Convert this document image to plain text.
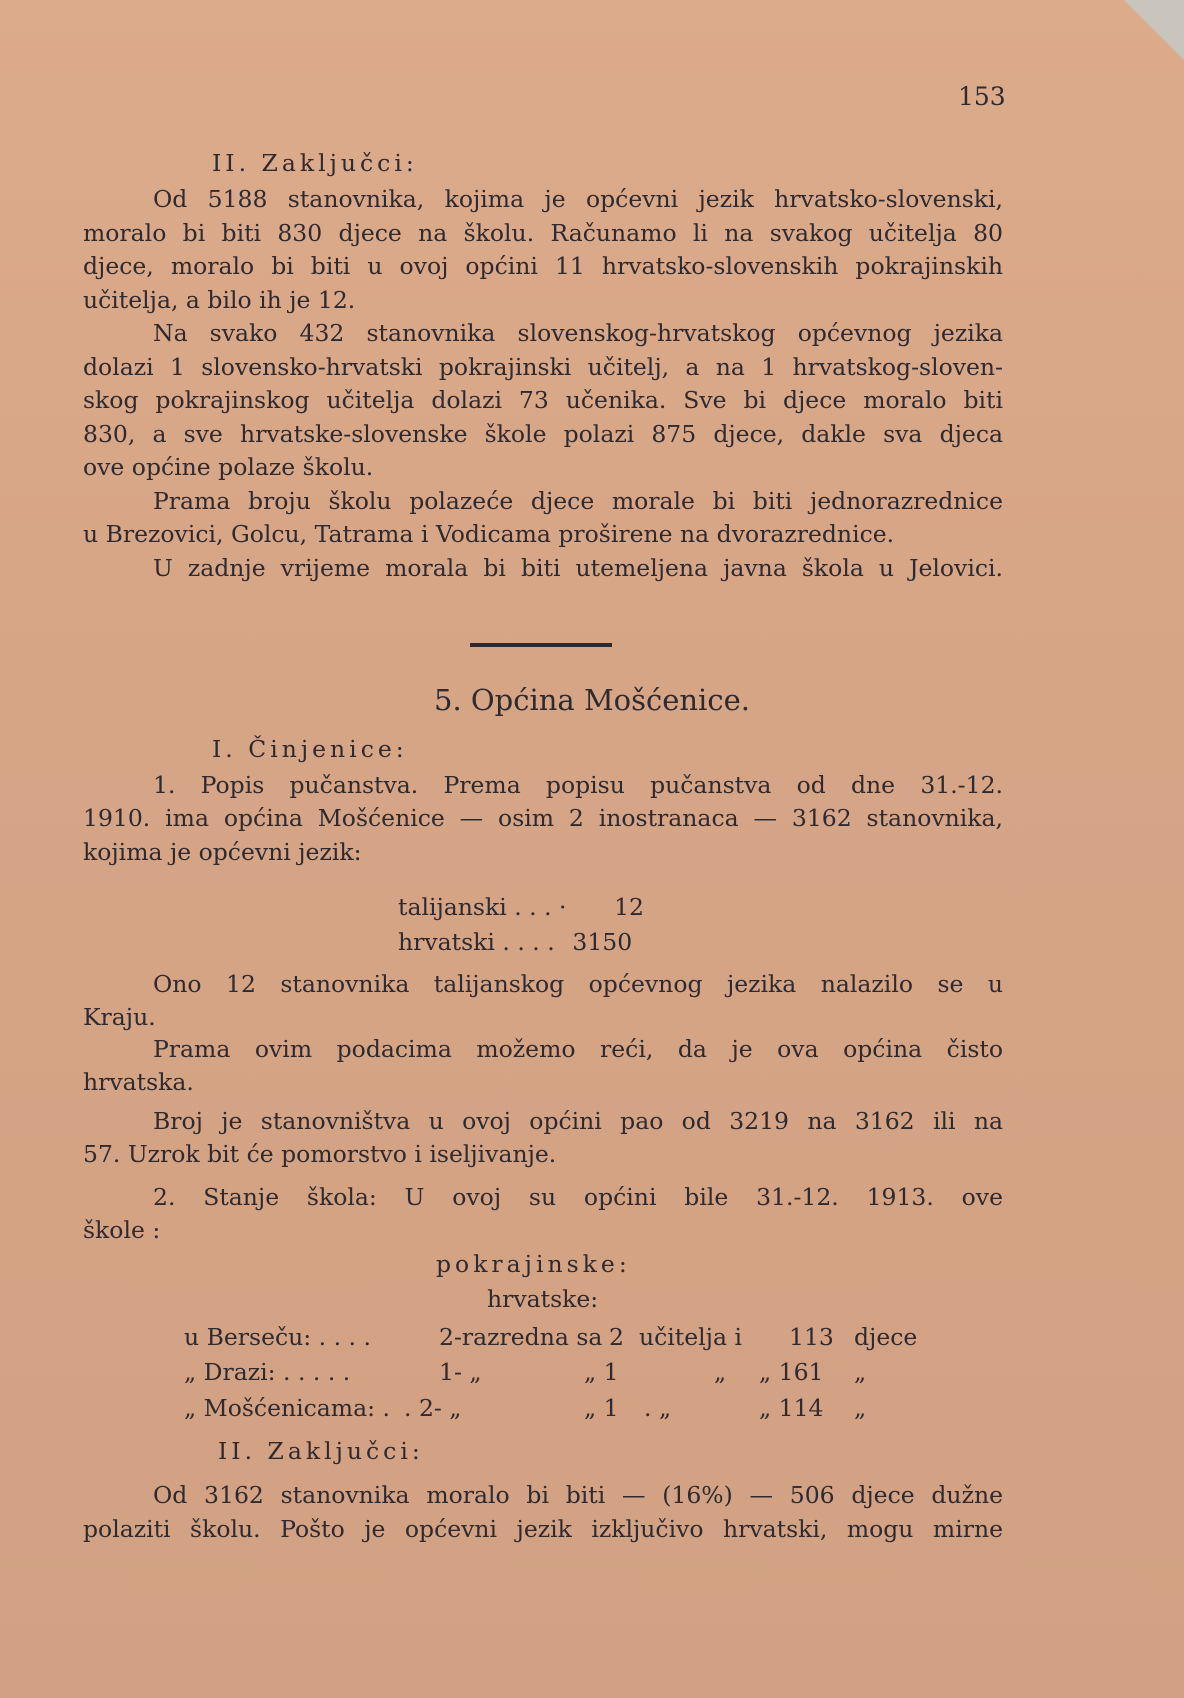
153
II. Zaključci:
Od 5188 stanovnika, kojima je općevni jezik hrvatsko-slovenski,
moralo bi biti 830 djece na školu. Računamo li na svakog učitelja 80
djece, moralo bi biti u ovoj općini 11 hrvatsko-slovenskih pokrajinskih
učitelja, a bilo ih je 12.
Na svako 432 stanovnika slovenskog-hrvatskog općevnog jezika
dolazi 1 slovensko-hrvatski pokrajinski učitelj, a na 1 hrvatskog-sloven-
skog pokrajinskog učitelja dolazi 73 učenika. Sve bi djece moralo biti
830, a sve hrvatske-slovenske škole polazi 875 djece, dakle sva djeca
ove općine polaze školu.
Prama broju školu polazeće djece morale bi biti jednorazrednice
u Brezovici, Golcu, Tatrama i Vodicama proširene na dvorazrednice.
U zadnje vrijeme morala bi biti utemeljena javna škola u Jelovici.
5. Općina Mošćenice.
I. Činjenice:
1. Popis pučanstva. Prema popisu pučanstva od dne 31.-12.
1910. ima općina Mošćenice — osim 2 inostranaca — 3162 stanovnika,
kojima je općevni jezik:
talijanski . . . · 12
hrvatski . . . . 3150
Ono 12 stanovnika talijanskog općevnog jezika nalazilo se u
Kraju.
Prama ovim podacima možemo reći, da je ova općina čisto
hrvatska.
Broj je stanovništva u ovoj općini pao od 3219 na 3162 ili na
57. Uzrok bit će pomorstvo i iseljivanje.
2. Stanje škola: U ovoj su općini bile 31.-12. 1913. ove
škole :
pokrajinske:
hrvatske:
u Berseču: . . . .	2-razredna sa 2 učitelja i 113 djece
„ Drazi: . . . . .	1- „	„ 1	„ „ 161 „
„ Mošćenicama: . . 2- „	„ 1 . „	„ 114 „
II. Zaključci:
Od 3162 stanovnika moralo bi biti — (16%) — 506 djece dužne
polaziti školu. Pošto je općevni jezik izključivo hrvatski, mogu mirne
